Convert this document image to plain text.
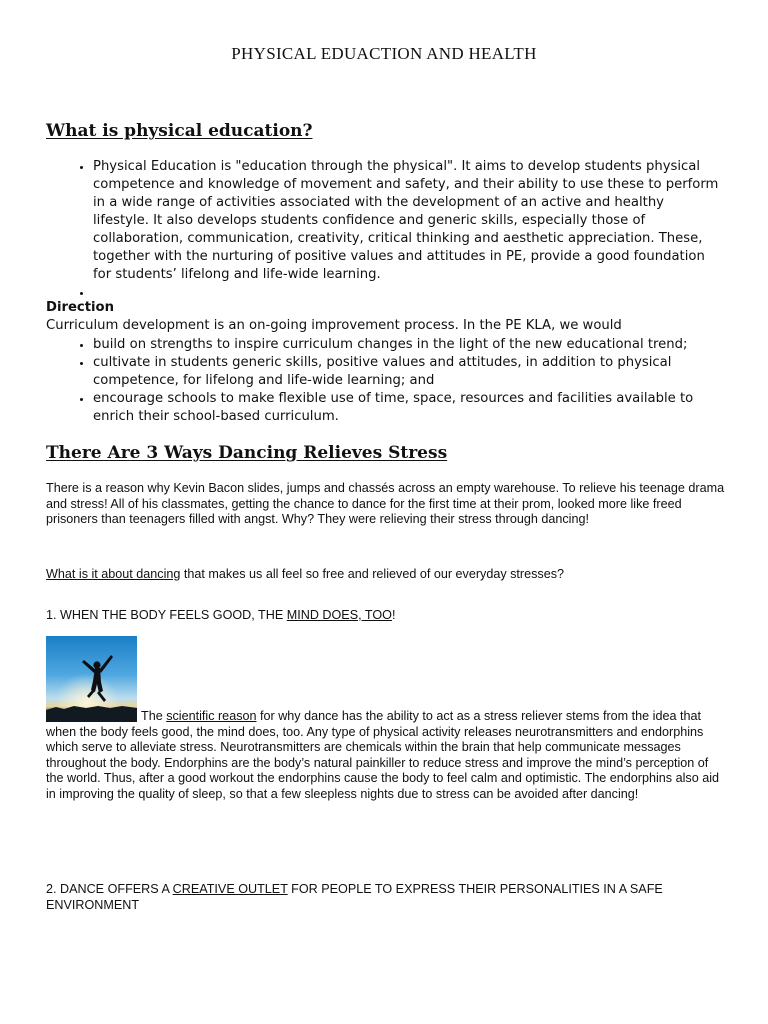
PHYSICAL EDUACTION AND HEALTH
What is physical education?
• Physical Education is "education through the physical". It aims to develop students physical competence and knowledge of movement and safety, and their ability to use these to perform in a wide range of activities associated with the development of an active and healthy lifestyle. It also develops students confidence and generic skills, especially those of collaboration, communication, creativity, critical thinking and aesthetic appreciation. These, together with the nurturing of positive values and attitudes in PE, provide a good foundation for students’ lifelong and life-wide learning.
•
Direction
Curriculum development is an on-going improvement process. In the PE KLA, we would
• build on strengths to inspire curriculum changes in the light of the new educational trend;
• cultivate in students generic skills, positive values and attitudes, in addition to physical competence, for lifelong and life-wide learning; and
• encourage schools to make flexible use of time, space, resources and facilities available to enrich their school-based curriculum.
There Are 3 Ways Dancing Relieves Stress

There is a reason why Kevin Bacon slides, jumps and chassés across an empty warehouse. To relieve his teenage drama and stress! All of his classmates, getting the chance to dance for the first time at their prom, looked more like freed prisoners than teenagers filled with angst. Why? They were relieving their stress through dancing!

What is it about dancing that makes us all feel so free and relieved of our everyday stresses?

1. WHEN THE BODY FEELS GOOD, THE MIND DOES, TOO!

The scientific reason for why dance has the ability to act as a stress reliever stems from the idea that when the body feels good, the mind does, too. Any type of physical activity releases neurotransmitters and endorphins which serve to alleviate stress. Neurotransmitters are chemicals within the brain that help communicate messages throughout the body. Endorphins are the body’s natural painkiller to reduce stress and improve the mind’s perception of the world. Thus, after a good workout the endorphins cause the body to feel calm and optimistic. The endorphins also aid in improving the quality of sleep, so that a few sleepless nights due to stress can be avoided after dancing!

2. DANCE OFFERS A CREATIVE OUTLET FOR PEOPLE TO EXPRESS THEIR PERSONALITIES IN A SAFE ENVIRONMENT
